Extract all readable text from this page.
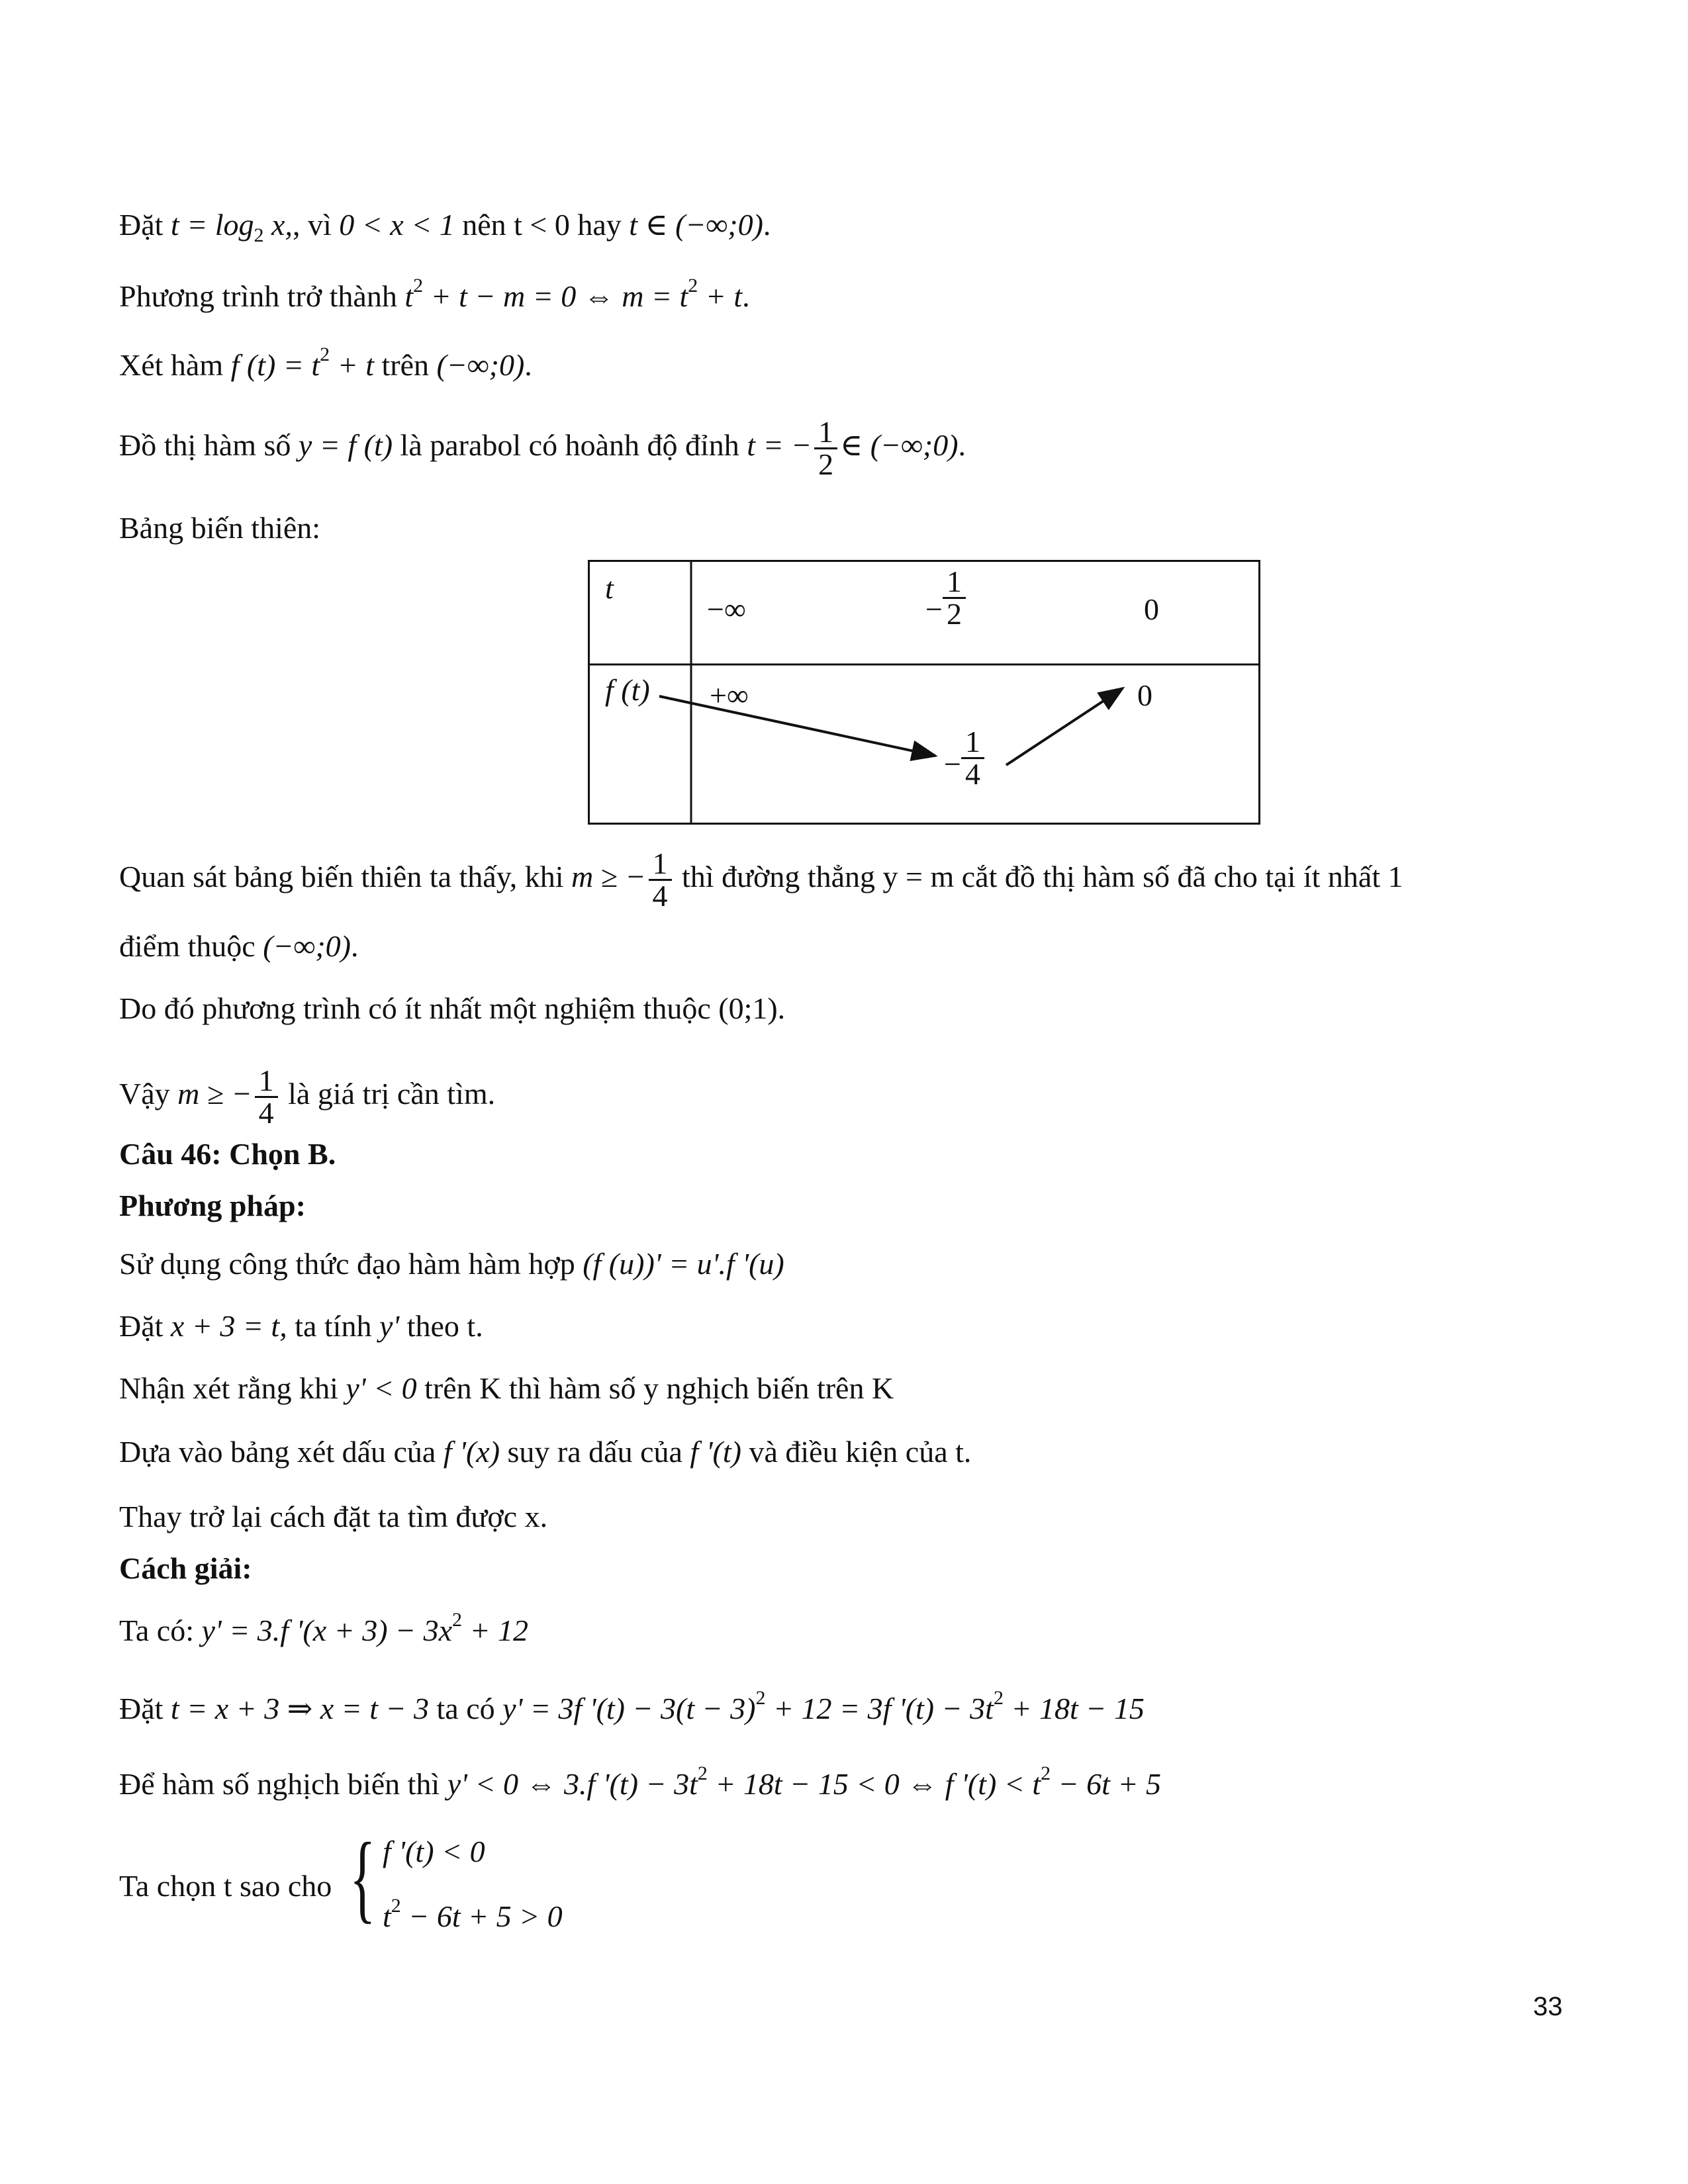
Đặt $t = \log_2 x$,, vì 0 < x < 1 nên t < 0 hay t ∈ (−∞;0).
Phương trình trở thành $t^2 + t - m = 0$ ⇔ $m = t^2 + t$.
Xét hàm f $(t) = t^2 + t$ trên (−∞;0).
Đồ thị hàm số y = f (t) là parabol có hoành độ đỉnh t = − $\frac{1}{2}$ ∈ (−∞;0).
Bảng biến thiên:
t
−∞	− $\frac{1}{2}$	0
f (t) +∞
− $\frac{1}{4}$
0
Quan sát bảng biến thiên ta thấy, khi m ≥ − $\frac{1}{4}$ thì đường thẳng y = m cắt đồ thị hàm số đã cho tại ít nhất 1
điểm thuộc (−∞;0).
Do đó phương trình có ít nhất một nghiệm thuộc (0;1).
Vậy m ≥ − $\frac{1}{4}$ là giá trị cần tìm.
Câu 46: Chọn B.
Phương pháp:
Sử dụng công thức đạo hàm hàm hợp (f (u))' = u'.f '(u)
Đặt x + 3 = t, ta tính y' theo t.
Nhận xét rằng khi y' < 0 trên K thì hàm số y nghịch biến trên K
Dựa vào bảng xét dấu của f '(x) suy ra dấu của f '(t) và điều kiện của t.
Thay trở lại cách đặt ta tìm được x.
Cách giải:
Ta có: y' = 3.f '$(x + 3) - 3x^2 + 12$
Đặt t = x + 3 ⇒ x = t − 3 ta có y' = 3f '$(t) - 3(t - 3)^2 + 12 = 3f$ '$(t) - 3t^2 + 18t - 15$
Để hàm số nghịch biến thì y' < 0 ⇔ 3.f '$(t) - 3t^2 + 18t - 15 < 0$ ⇔ f '$(t) < t^2 - 6t + 5$
Ta chọn t sao cho { f '(t) < 0
$t^2 - 6t + 5 > 0$
33
